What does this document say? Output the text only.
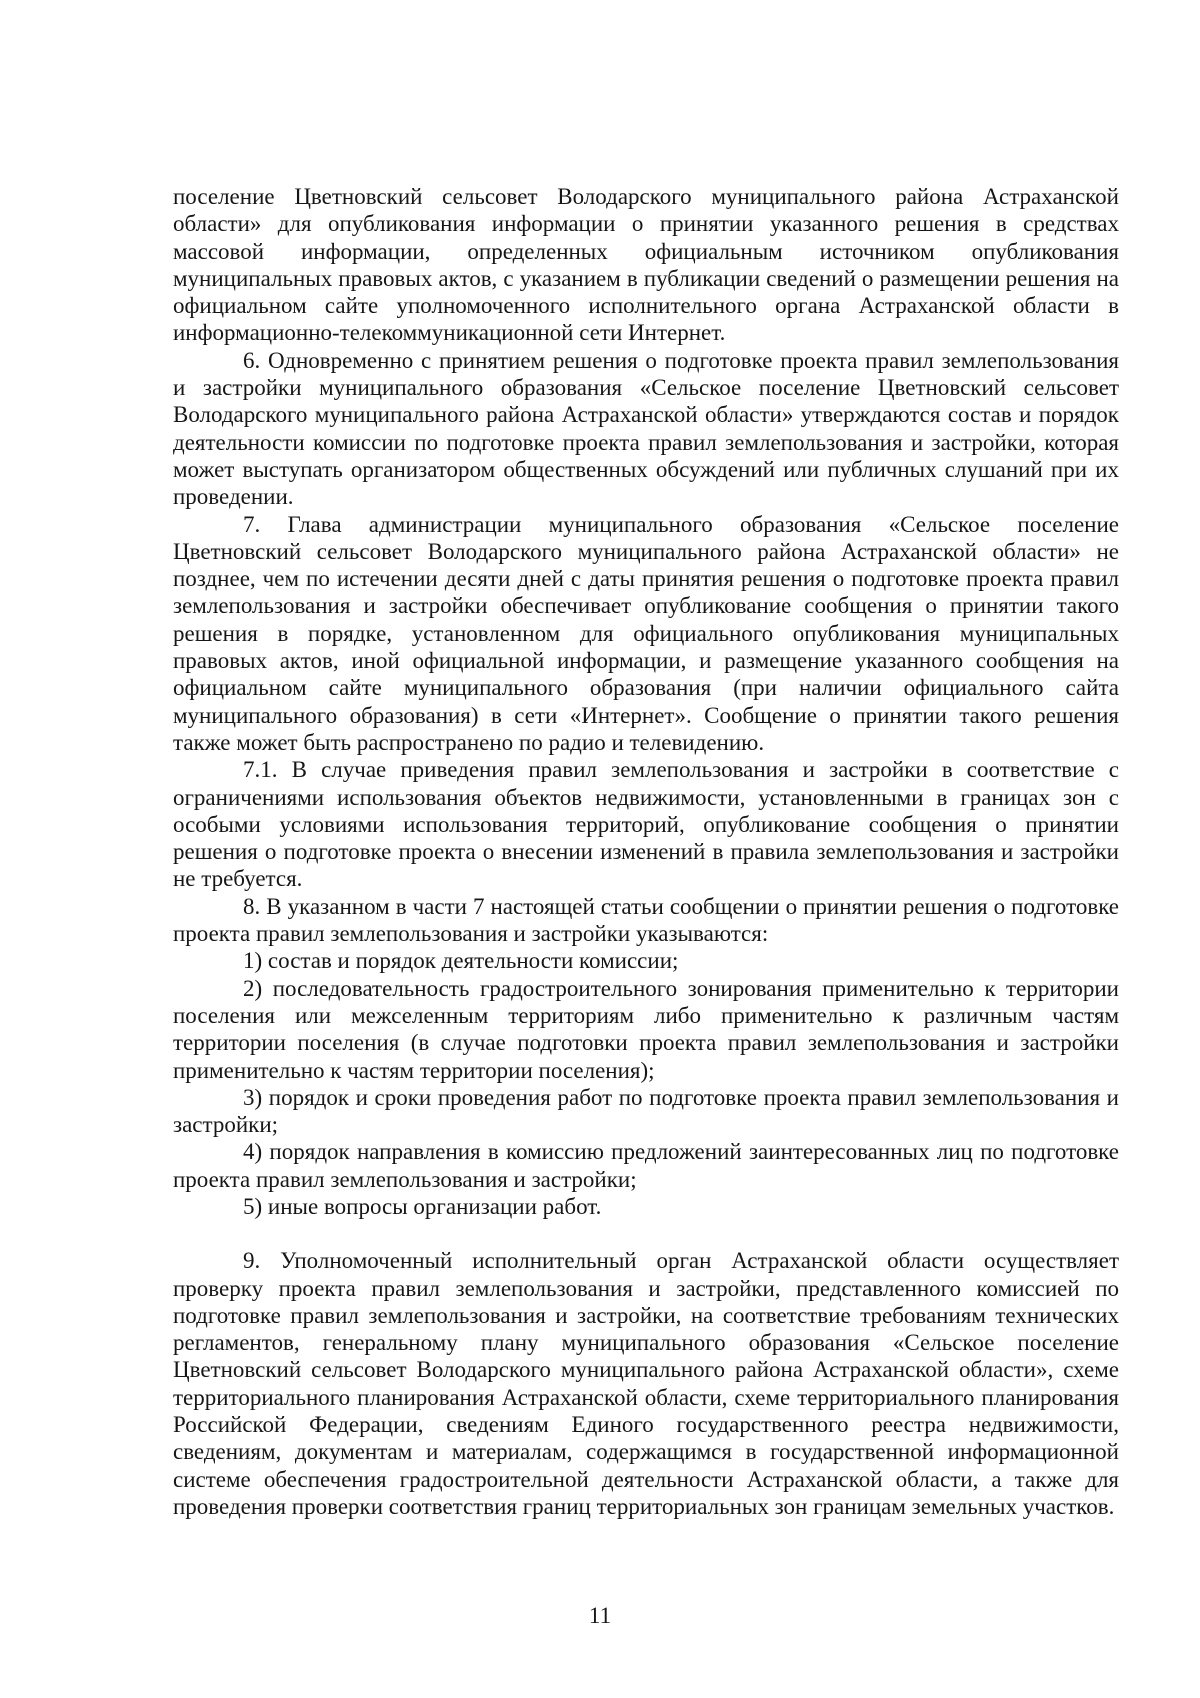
поселение Цветновский сельсовет Володарского муниципального района Астраханской области» для опубликования информации о принятии указанного решения в средствах массовой информации, определенных официальным источником опубликования муниципальных правовых актов, с указанием в публикации сведений о размещении решения на официальном сайте уполномоченного исполнительного органа Астраханской области в информационно-телекоммуникационной сети Интернет.

6. Одновременно с принятием решения о подготовке проекта правил землепользования и застройки муниципального образования «Сельское поселение Цветновский сельсовет Володарского муниципального района Астраханской области» утверждаются состав и порядок деятельности комиссии по подготовке проекта правил землепользования и застройки, которая может выступать организатором общественных обсуждений или публичных слушаний при их проведении.

7. Глава администрации муниципального образования «Сельское поселение Цветновский сельсовет Володарского муниципального района Астраханской области» не позднее, чем по истечении десяти дней с даты принятия решения о подготовке проекта правил землепользования и застройки обеспечивает опубликование сообщения о принятии такого решения в порядке, установленном для официального опубликования муниципальных правовых актов, иной официальной информации, и размещение указанного сообщения на официальном сайте муниципального образования (при наличии официального сайта муниципального образования) в сети «Интернет». Сообщение о принятии такого решения также может быть распространено по радио и телевидению.

7.1. В случае приведения правил землепользования и застройки в соответствие с ограничениями использования объектов недвижимости, установленными в границах зон с особыми условиями использования территорий, опубликование сообщения о принятии решения о подготовке проекта о внесении изменений в правила землепользования и застройки не требуется.

8. В указанном в части 7 настоящей статьи сообщении о принятии решения о подготовке проекта правил землепользования и застройки указываются:

1) состав и порядок деятельности комиссии;

2) последовательность градостроительного зонирования применительно к территории поселения или межселенным территориям либо применительно к различным частям территории поселения (в случае подготовки проекта правил землепользования и застройки применительно к частям территории поселения);

3) порядок и сроки проведения работ по подготовке проекта правил землепользования и застройки;

4) порядок направления в комиссию предложений заинтересованных лиц по подготовке проекта правил землепользования и застройки;

5) иные вопросы организации работ.

9. Уполномоченный исполнительный орган Астраханской области осуществляет проверку проекта правил землепользования и застройки, представленного комиссией по подготовке правил землепользования и застройки, на соответствие требованиям технических регламентов, генеральному плану муниципального образования «Сельское поселение Цветновский сельсовет Володарского муниципального района Астраханской области», схеме территориального планирования Астраханской области, схеме территориального планирования Российской Федерации, сведениям Единого государственного реестра недвижимости, сведениям, документам и материалам, содержащимся в государственной информационной системе обеспечения градостроительной деятельности Астраханской области, а также для проведения проверки соответствия границ территориальных зон границам земельных участков.

11
